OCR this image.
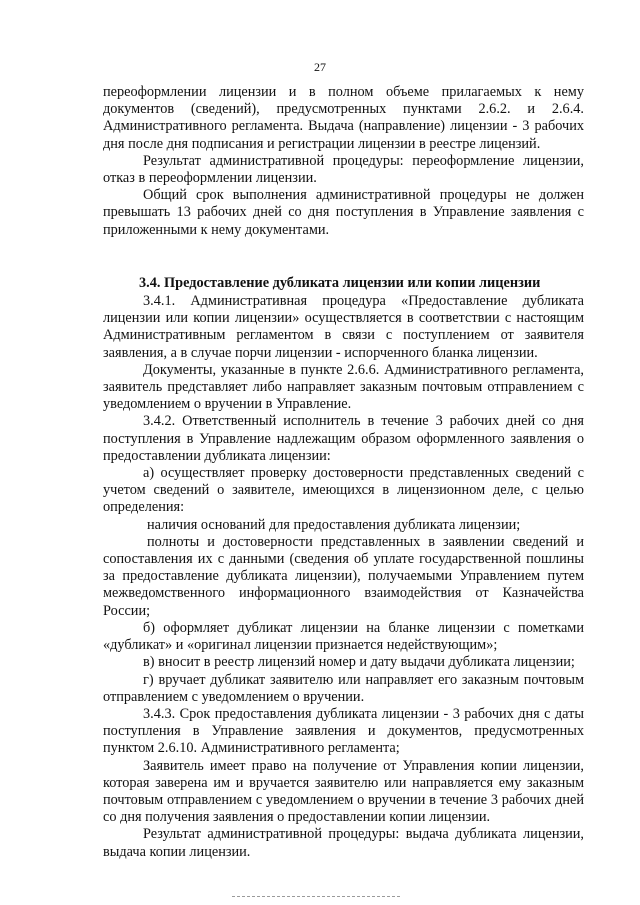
27

переоформлении лицензии и в полном объеме прилагаемых к нему документов (сведений), предусмотренных пунктами 2.6.2. и 2.6.4. Административного регламента. Выдача (направление) лицензии - 3 рабочих дня после дня подписания и регистрации лицензии в реестре лицензий.

Результат административной процедуры: переоформление лицензии, отказ в переоформлении лицензии.

Общий срок выполнения административной процедуры не должен превышать 13 рабочих дней со дня поступления в Управление заявления с приложенными к нему документами.

3.4. Предоставление дубликата лицензии или копии лицензии

3.4.1. Административная процедура «Предоставление дубликата лицензии или копии лицензии» осуществляется в соответствии с настоящим Административным регламентом в связи с поступлением от заявителя заявления, а в случае порчи лицензии - испорченного бланка лицензии.

Документы, указанные в пункте 2.6.6. Административного регламента, заявитель представляет либо направляет заказным почтовым отправлением с уведомлением о вручении в Управление.

3.4.2. Ответственный исполнитель в течение 3 рабочих дней со дня поступления в Управление надлежащим образом оформленного заявления о предоставлении дубликата лицензии:

а) осуществляет проверку достоверности представленных сведений с учетом сведений о заявителе, имеющихся в лицензионном деле, с целью определения:

наличия оснований для предоставления дубликата лицензии;

полноты и достоверности представленных в заявлении сведений и сопоставления их с данными (сведения об уплате государственной пошлины за предоставление дубликата лицензии), получаемыми Управлением путем межведомственного информационного взаимодействия от Казначейства России;

б) оформляет дубликат лицензии на бланке лицензии с пометками «дубликат» и «оригинал лицензии признается недействующим»;

в) вносит в реестр лицензий номер и дату выдачи дубликата лицензии;

г) вручает дубликат заявителю или направляет его заказным почтовым отправлением с уведомлением о вручении.

3.4.3. Срок предоставления дубликата лицензии - 3 рабочих дня с даты поступления в Управление заявления и документов, предусмотренных пунктом 2.6.10. Административного регламента;

Заявитель имеет право на получение от Управления копии лицензии, которая заверена им и вручается заявителю или направляется ему заказным почтовым отправлением с уведомлением о вручении в течение 3 рабочих дней со дня получения заявления о предоставлении копии лицензии.

Результат административной процедуры: выдача дубликата лицензии, выдача копии лицензии.
